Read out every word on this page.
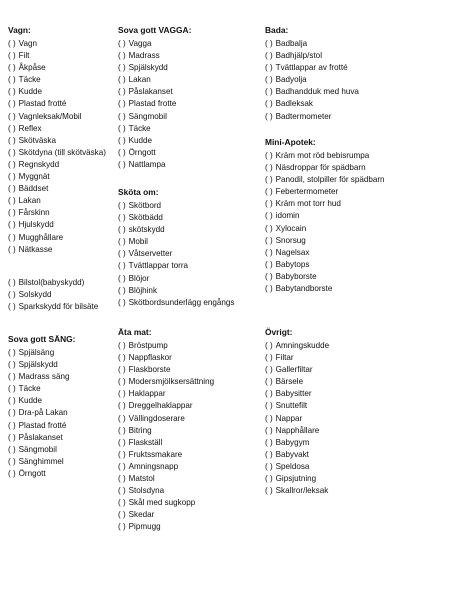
Vagn:
( ) Vagn
( ) Filt
( ) Åkpåse
( ) Täcke
( ) Kudde
( ) Plastad frotté
( ) Vagnleksak/Mobil
( ) Reflex
( ) Skötväska
( ) Skötdyna (till skötväska)
( ) Regnskydd
( ) Myggnät
( ) Bäddset
( ) Lakan
( ) Fårskinn
( ) Hjulskydd
( ) Mugghållare
( ) Nätkasse
( ) Bilstol(babyskydd)
( ) Solskydd
( ) Sparkskydd för bilsäte
Sova gott VAGGA:
( ) Vagga
( ) Madrass
( ) Spjälskydd
( ) Lakan
( ) Påslakanset
( ) Plastad frotte
( ) Sängmobil
( ) Täcke
( ) Kudde
( ) Örngott
( ) Nattlampa
Sköta om:
( ) Skötbord
( ) Skötbädd
( ) skötskydd
( ) Mobil
( ) Våtservetter
( ) Tvättlappar torra
( ) Blöjor
( ) Blöjhink
( ) Skötbordsunderlägg engångs
Bada:
( ) Badbalja
( ) Badhjälp/stol
( ) Tvättlappar av frotté
( ) Badyolja
( ) Badhandduk med huva
( ) Badleksak
( ) Badtermometer
Mini-Apotek:
( ) Kräm mot röd bebisrumpa
( ) Näsdroppar för spädbarn
( ) Panodil, stolpiller för spädbarn
( ) Febertermometer
( ) Kräm mot torr hud
( ) idomin
( ) Xylocain
( ) Snorsug
( ) Nagelsax
( ) Babytops
( ) Babyborste
( ) Babytandborste
Sova gott SÄNG:
( ) Spjälsäng
( ) Spjälskydd
( ) Madrass säng
( ) Täcke
( ) Kudde
( ) Dra-på Lakan
( ) Plastad frotté
( ) Påslakanset
( ) Sängmobil
( ) Sänghimmel
( ) Örngott
Äta mat:
( ) Bröstpump
( ) Nappflaskor
( ) Flaskborste
( ) Modersmjölksersättning
( ) Haklappar
( ) Dreggelhaklappar
( ) Vällingdoserare
( ) Bitring
( ) Flaskställ
( ) Fruktssmakare
( ) Amningsnapp
( ) Matstol
( ) Stolsdyna
( ) Skål med sugkopp
( ) Skedar
( ) Pipmugg
Övrigt:
( ) Amningskudde
( ) Filtar
( ) Gallerfiltar
( ) Bärsele
( ) Babysitter
( ) Snuttefilt
( ) Nappar
( ) Napphållare
( ) Babygym
( ) Babyvakt
( ) Speldosa
( ) Gipsjutning
( ) Skallror/leksak
